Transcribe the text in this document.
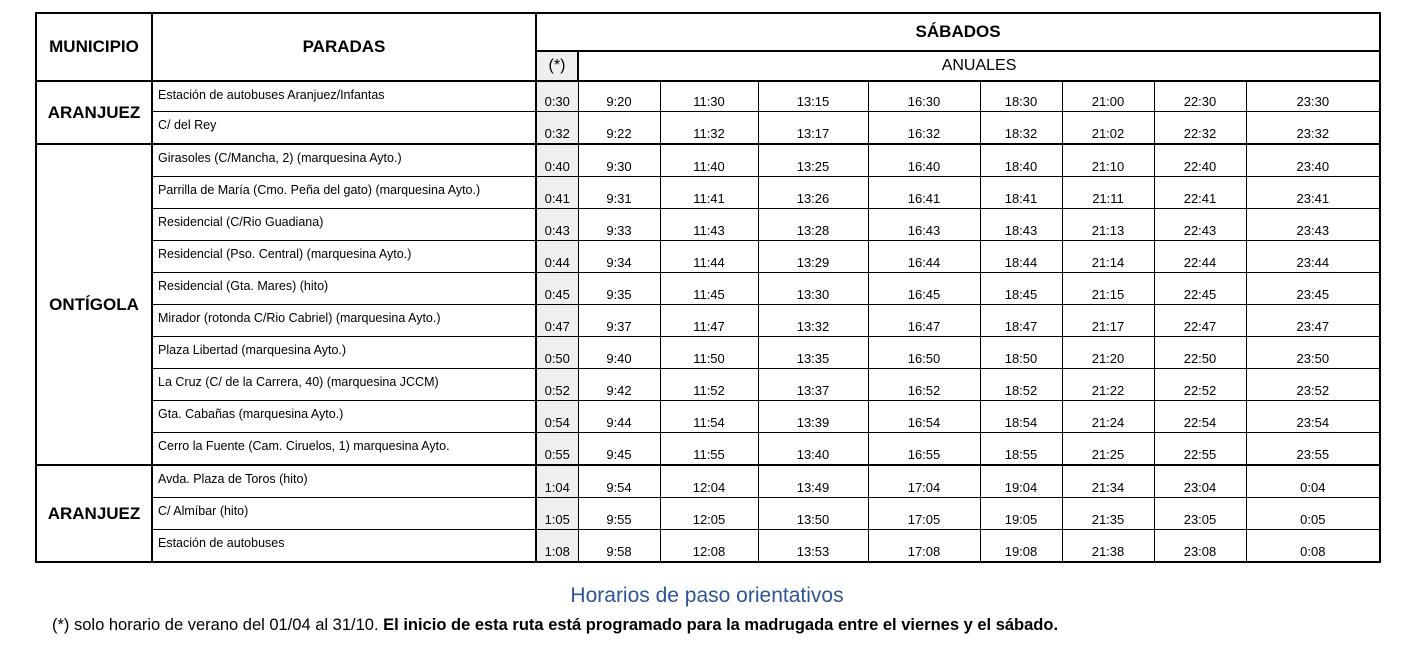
MUNICIPIO	PARADAS	SÁBADOS								
		(*)	ANUALES							
ARANJUEZ	Estación de autobuses Aranjuez/Infantas	0:30	9:20	11:30	13:15	16:30	18:30	21:00	22:30	23:30
	C/ del Rey	0:32	9:22	11:32	13:17	16:32	18:32	21:02	22:32	23:32
ONTÍGOLA	Girasoles (C/Mancha, 2) (marquesina Ayto.)	0:40	9:30	11:40	13:25	16:40	18:40	21:10	22:40	23:40
	Parrilla de María (Cmo. Peña del gato) (marquesina Ayto.)	0:41	9:31	11:41	13:26	16:41	18:41	21:11	22:41	23:41
	Residencial (C/Rio Guadiana)	0:43	9:33	11:43	13:28	16:43	18:43	21:13	22:43	23:43
	Residencial (Pso. Central) (marquesina Ayto.)	0:44	9:34	11:44	13:29	16:44	18:44	21:14	22:44	23:44
	Residencial (Gta. Mares) (hito)	0:45	9:35	11:45	13:30	16:45	18:45	21:15	22:45	23:45
	Mirador (rotonda C/Rio Cabriel) (marquesina Ayto.)	0:47	9:37	11:47	13:32	16:47	18:47	21:17	22:47	23:47
	Plaza Libertad (marquesina Ayto.)	0:50	9:40	11:50	13:35	16:50	18:50	21:20	22:50	23:50
	La Cruz (C/ de la Carrera, 40) (marquesina JCCM)	0:52	9:42	11:52	13:37	16:52	18:52	21:22	22:52	23:52
	Gta. Cabañas (marquesina Ayto.)	0:54	9:44	11:54	13:39	16:54	18:54	21:24	22:54	23:54
	Cerro la Fuente (Cam. Ciruelos, 1) marquesina Ayto.	0:55	9:45	11:55	13:40	16:55	18:55	21:25	22:55	23:55
ARANJUEZ	Avda. Plaza de Toros (hito)	1:04	9:54	12:04	13:49	17:04	19:04	21:34	23:04	0:04
	C/ Almíbar (hito)	1:05	9:55	12:05	13:50	17:05	19:05	21:35	23:05	0:05
	Estación de autobuses	1:08	9:58	12:08	13:53	17:08	19:08	21:38	23:08	0:08
Horarios de paso orientativos
(*) solo horario de verano del 01/04 al 31/10. El inicio de esta ruta está programado para la madrugada entre el viernes y el sábado.
